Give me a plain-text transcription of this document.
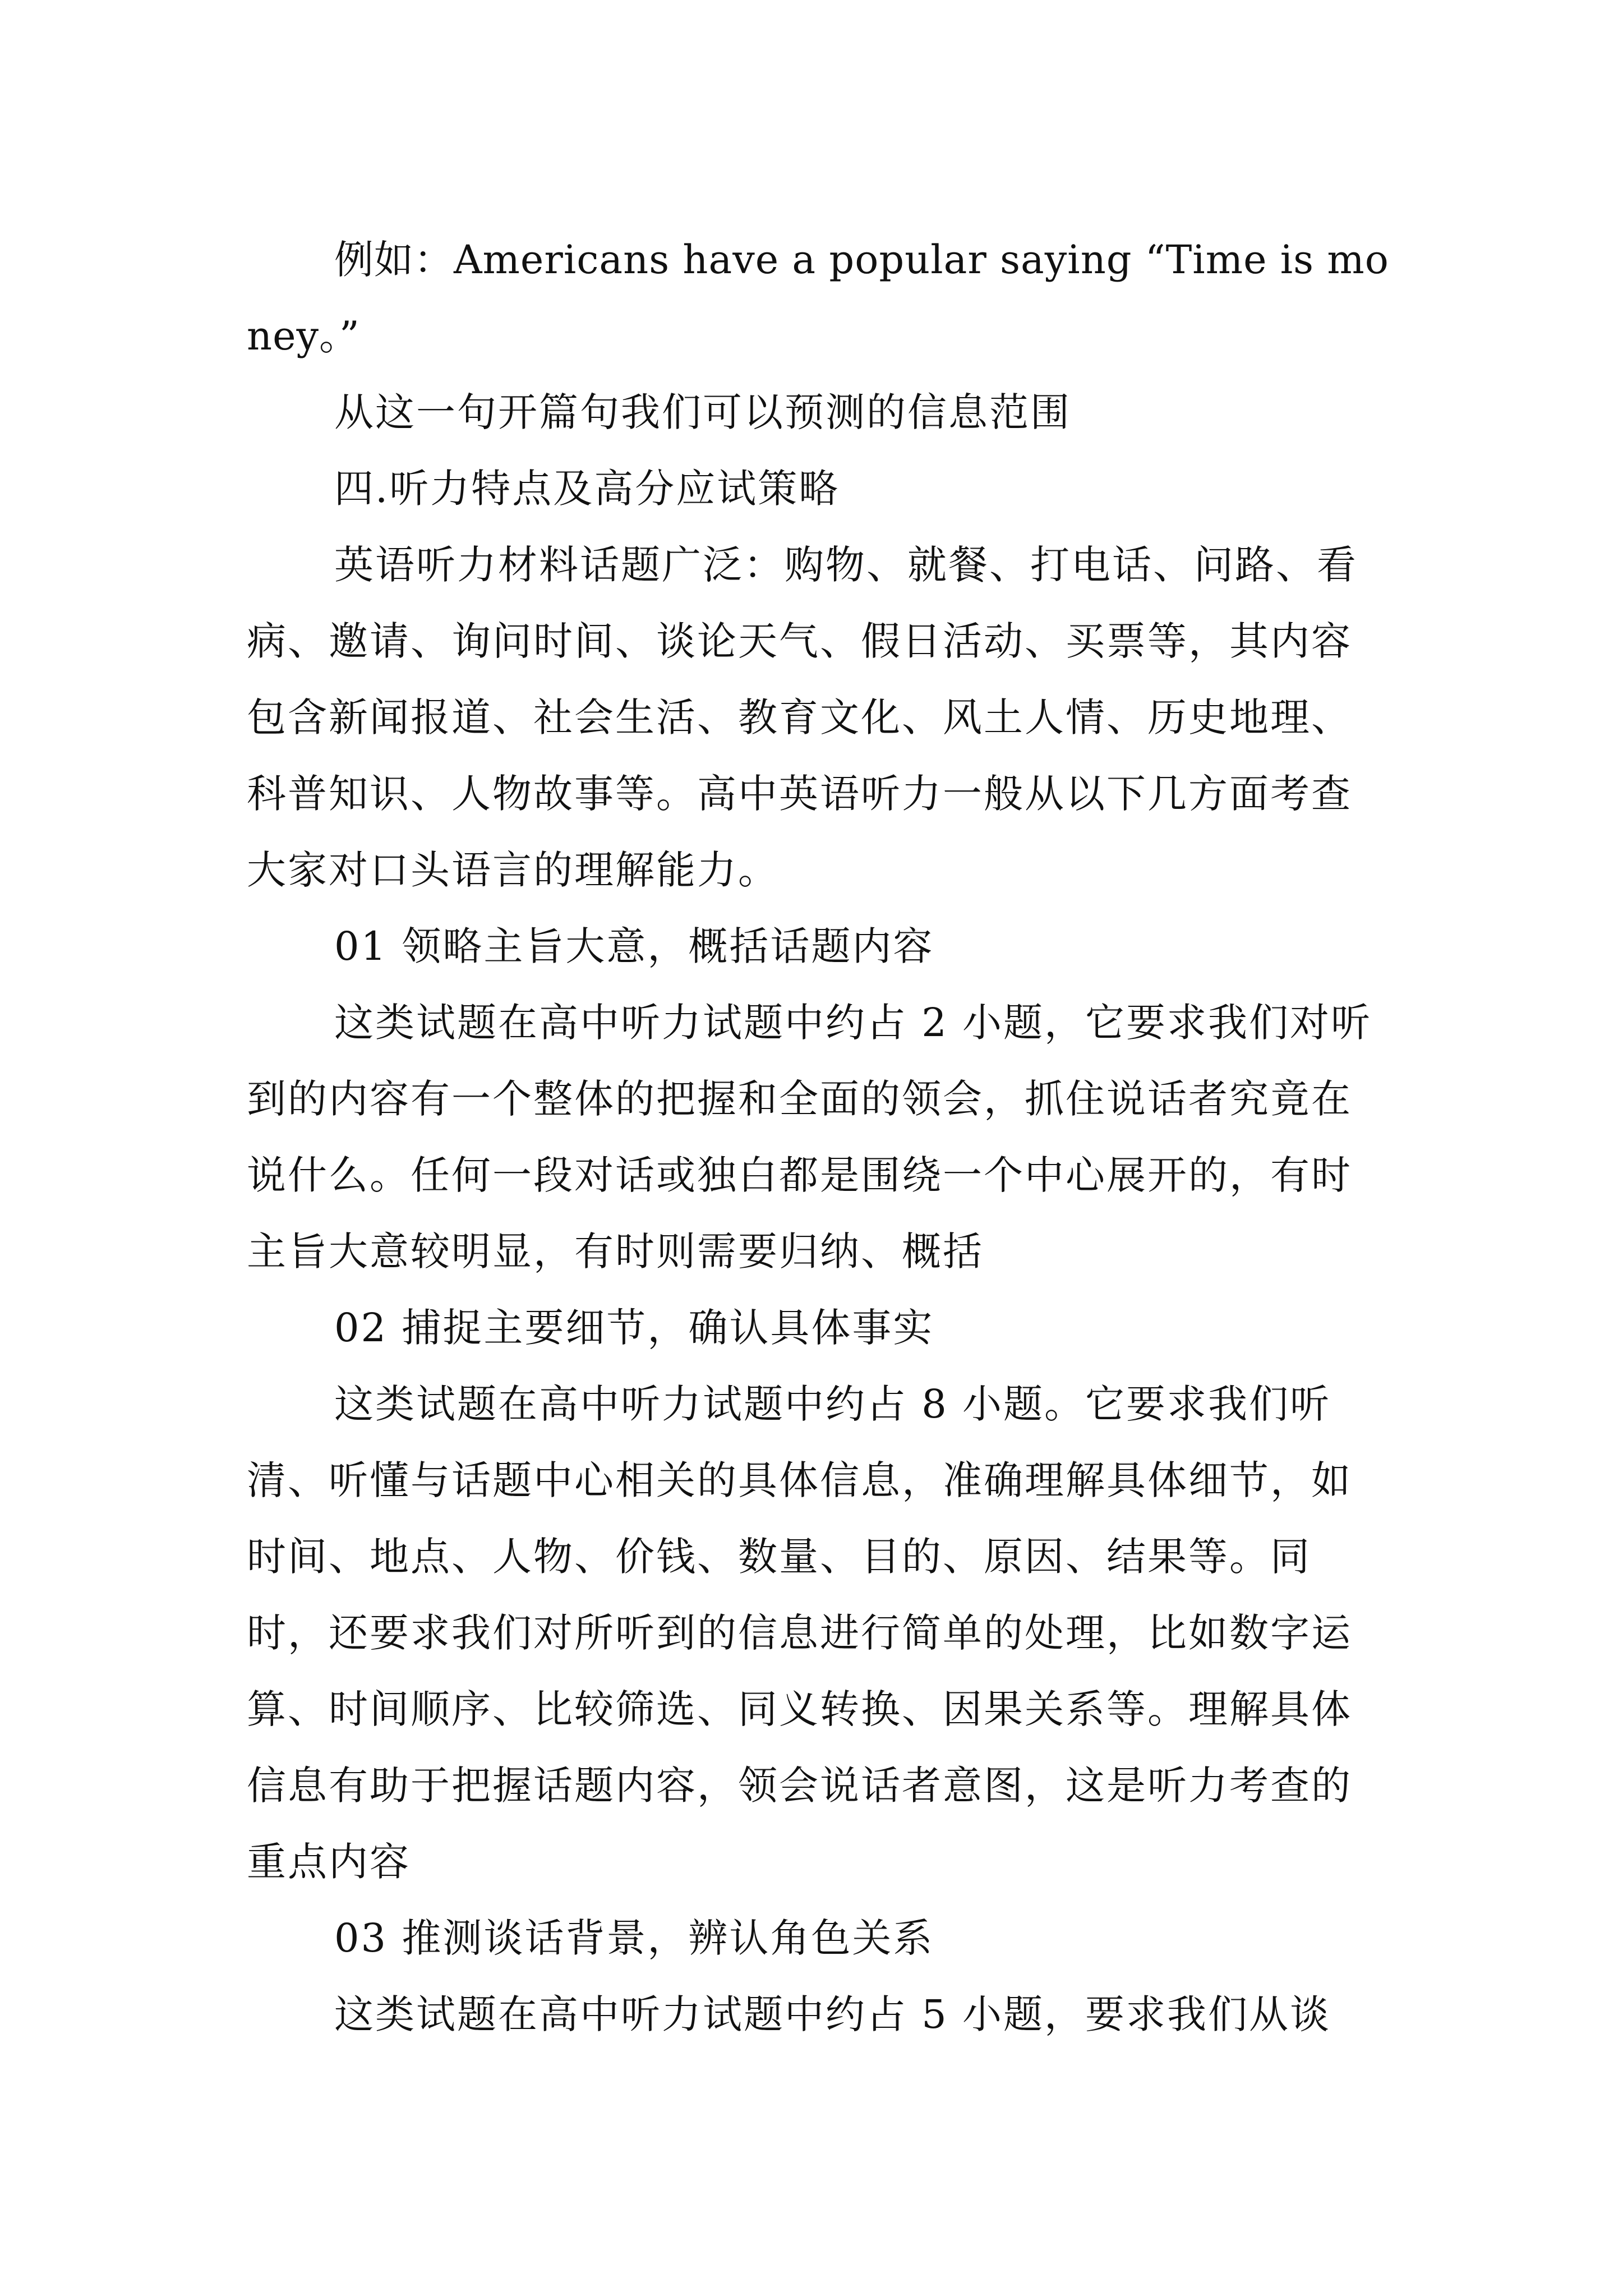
例如：Americans have a popular saying “Time is money。”

从这一句开篇句我们可以预测的信息范围

四.听力特点及高分应试策略

英语听力材料话题广泛：购物、就餐、打电话、问路、看病、邀请、询问时间、谈论天气、假日活动、买票等，其内容包含新闻报道、社会生活、教育文化、风土人情、历史地理、科普知识、人物故事等。高中英语听力一般从以下几方面考查大家对口头语言的理解能力。

01 领略主旨大意，概括话题内容

这类试题在高中听力试题中约占 2 小题，它要求我们对听到的内容有一个整体的把握和全面的领会，抓住说话者究竟在说什么。任何一段对话或独白都是围绕一个中心展开的，有时主旨大意较明显，有时则需要归纳、概括

02 捕捉主要细节，确认具体事实

这类试题在高中听力试题中约占 8 小题。它要求我们听清、听懂与话题中心相关的具体信息，准确理解具体细节，如时间、地点、人物、价钱、数量、目的、原因、结果等。同时，还要求我们对所听到的信息进行简单的处理，比如数字运算、时间顺序、比较筛选、同义转换、因果关系等。理解具体信息有助于把握话题内容，领会说话者意图，这是听力考查的重点内容

03 推测谈话背景，辨认角色关系

这类试题在高中听力试题中约占 5 小题，要求我们从谈
